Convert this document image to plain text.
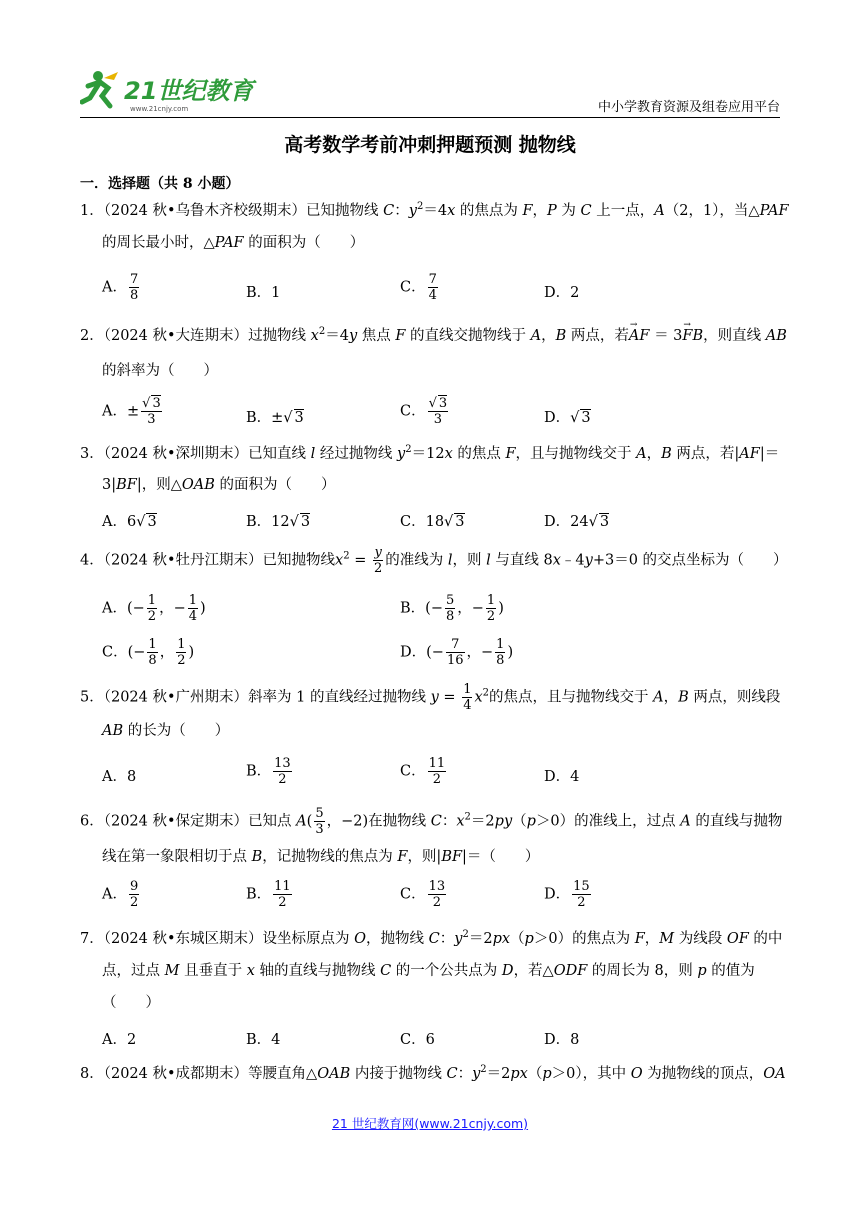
21世纪教育
www.21cnjy.com	中小学教育资源及组卷应用平台
高考数学考前冲刺押题预测 抛物线
一．选择题（共 8 小题）
1．（2024 秋•乌鲁木齐校级期末）已知抛物线 C：$y^2=4x$ 的焦点为 F，P 为 C 上一点，A（2，1），当△PAF
的周长最小时，△PAF 的面积为（　　）
A． $\frac{7}{8}$	B．1	C． $\frac{7}{4}$	D．2
2．（2024 秋•大连期末）过抛物线 $x^2=4y$ 焦点 F 的直线交抛物线于 A，B 两点，若→ AF ＝ 3→ FB，则直线 AB
的斜率为（　　）
A．± $\frac{√ 3}{3}$	B．±√ 3	C． $\frac{√ 3}{3}$	D．√ 3
3．（2024 秋•深圳期末）已知直线 l 经过抛物线 $y^2=12x$ 的焦点 F，且与抛物线交于 A，B 两点，若|AF|＝
3|BF|，则△OAB 的面积为（　　）
A．6√ 3	B．12√ 3	C．18√ 3	D．24√ 3
4．（2024 秋•牡丹江期末）已知抛物线$x^2 = \frac{y}{2}$ 的准线为 l，则 l 与直线 8x﹣4y+3＝0 的交点坐标为（　　）
A．(− $\frac{1}{2}$ ，− $\frac{1}{4}$ )	B．(− $\frac{5}{8}$ ，− $\frac{1}{2}$ )
C．(− $\frac{1}{8}$ ， $\frac{1}{2}$ )	D．(− $\frac{7}{16}$ ，− $\frac{1}{8}$ )
5．（2024 秋•广州期末）斜率为 1 的直线经过抛物线 $y = \frac{1}{4} x^2$的焦点，且与抛物线交于 A，B 两点，则线段
AB 的长为（　　）
A．8	B． $\frac{13}{2}$	C． $\frac{11}{2}$	D．4
6．（2024 秋•保定期末）已知点 $A( \frac{5}{3}$ ，−2)在抛物线 C：$x^2=2py(p>0)$的准线上，过点 A 的直线与抛物
线在第一象限相切于点 B，记抛物线的焦点为 F，则|BF|＝（　　）
A． $\frac{9}{2}$	B． $\frac{11}{2}$	C． $\frac{13}{2}$	D． $\frac{15}{2}$
7．（2024 秋•东城区期末）设坐标原点为 O，抛物线 C：$y^2=2px(p>0)$的焦点为 F，M 为线段 OF 的中
点，过点 M 且垂直于 x 轴的直线与抛物线 C 的一个公共点为 D，若△ODF 的周长为 8，则 p 的值为
（　　）
A．2	B．4	C．6	D．8
8．（2024 秋•成都期末）等腰直角△OAB 内接于抛物线 C：$y^2=2px(p>0)$，其中 O 为抛物线的顶点，OA
21 世纪教育网(www.21cnjy.com)
